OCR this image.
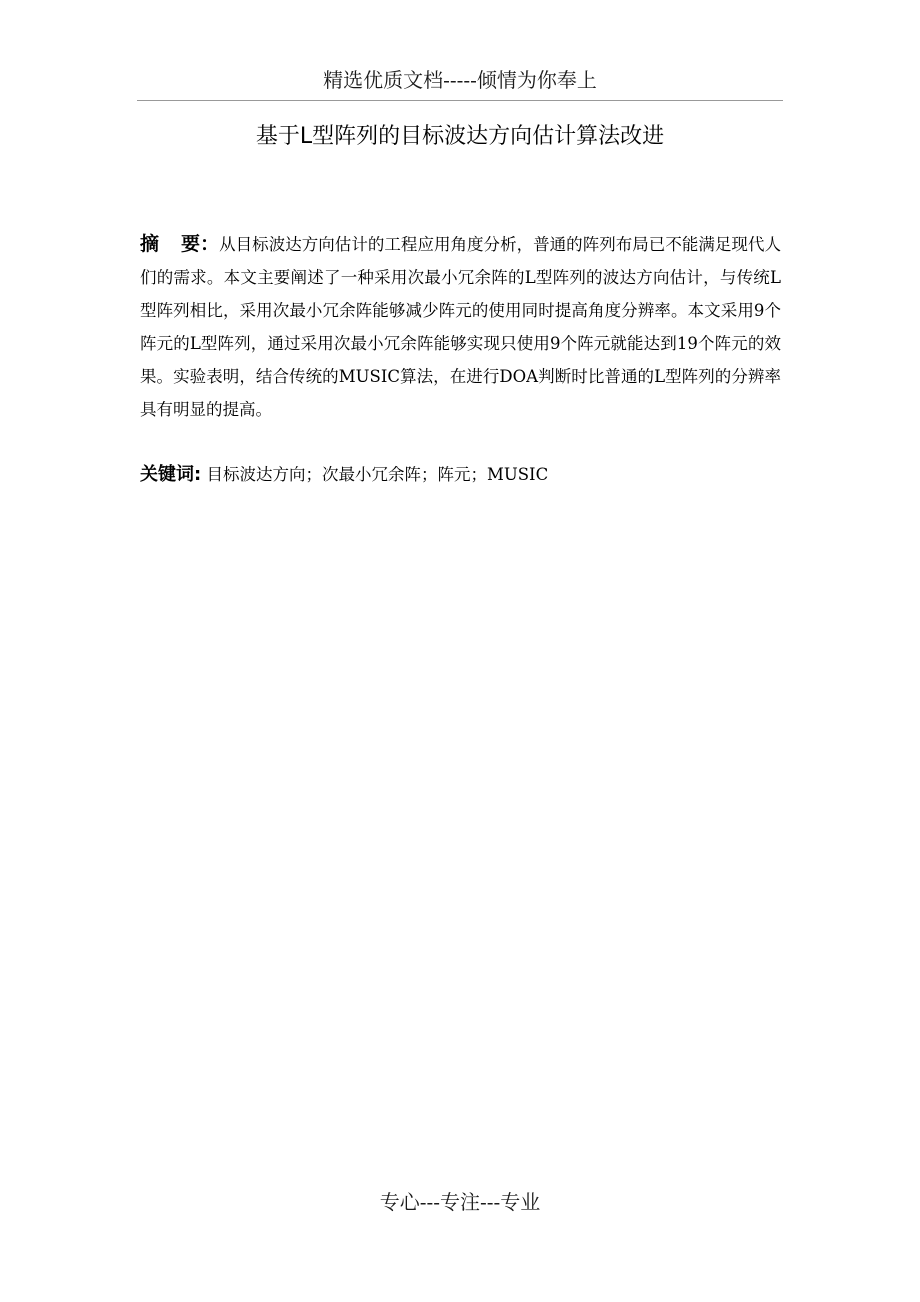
精选优质文档-----倾情为你奉上
基于L型阵列的目标波达方向估计算法改进
摘 要：从目标波达方向估计的工程应用角度分析，普通的阵列布局已不能满足现代人们的需求。本文主要阐述了一种采用次最小冗余阵的L型阵列的波达方向估计，与传统L型阵列相比，采用次最小冗余阵能够减少阵元的使用同时提高角度分辨率。本文采用9个阵元的L型阵列，通过采用次最小冗余阵能够实现只使用9个阵元就能达到19个阵元的效果。实验表明，结合传统的MUSIC算法，在进行DOA判断时比普通的L型阵列的分辨率具有明显的提高。
关键词: 目标波达方向；次最小冗余阵；阵元；MUSIC
专心---专注---专业
